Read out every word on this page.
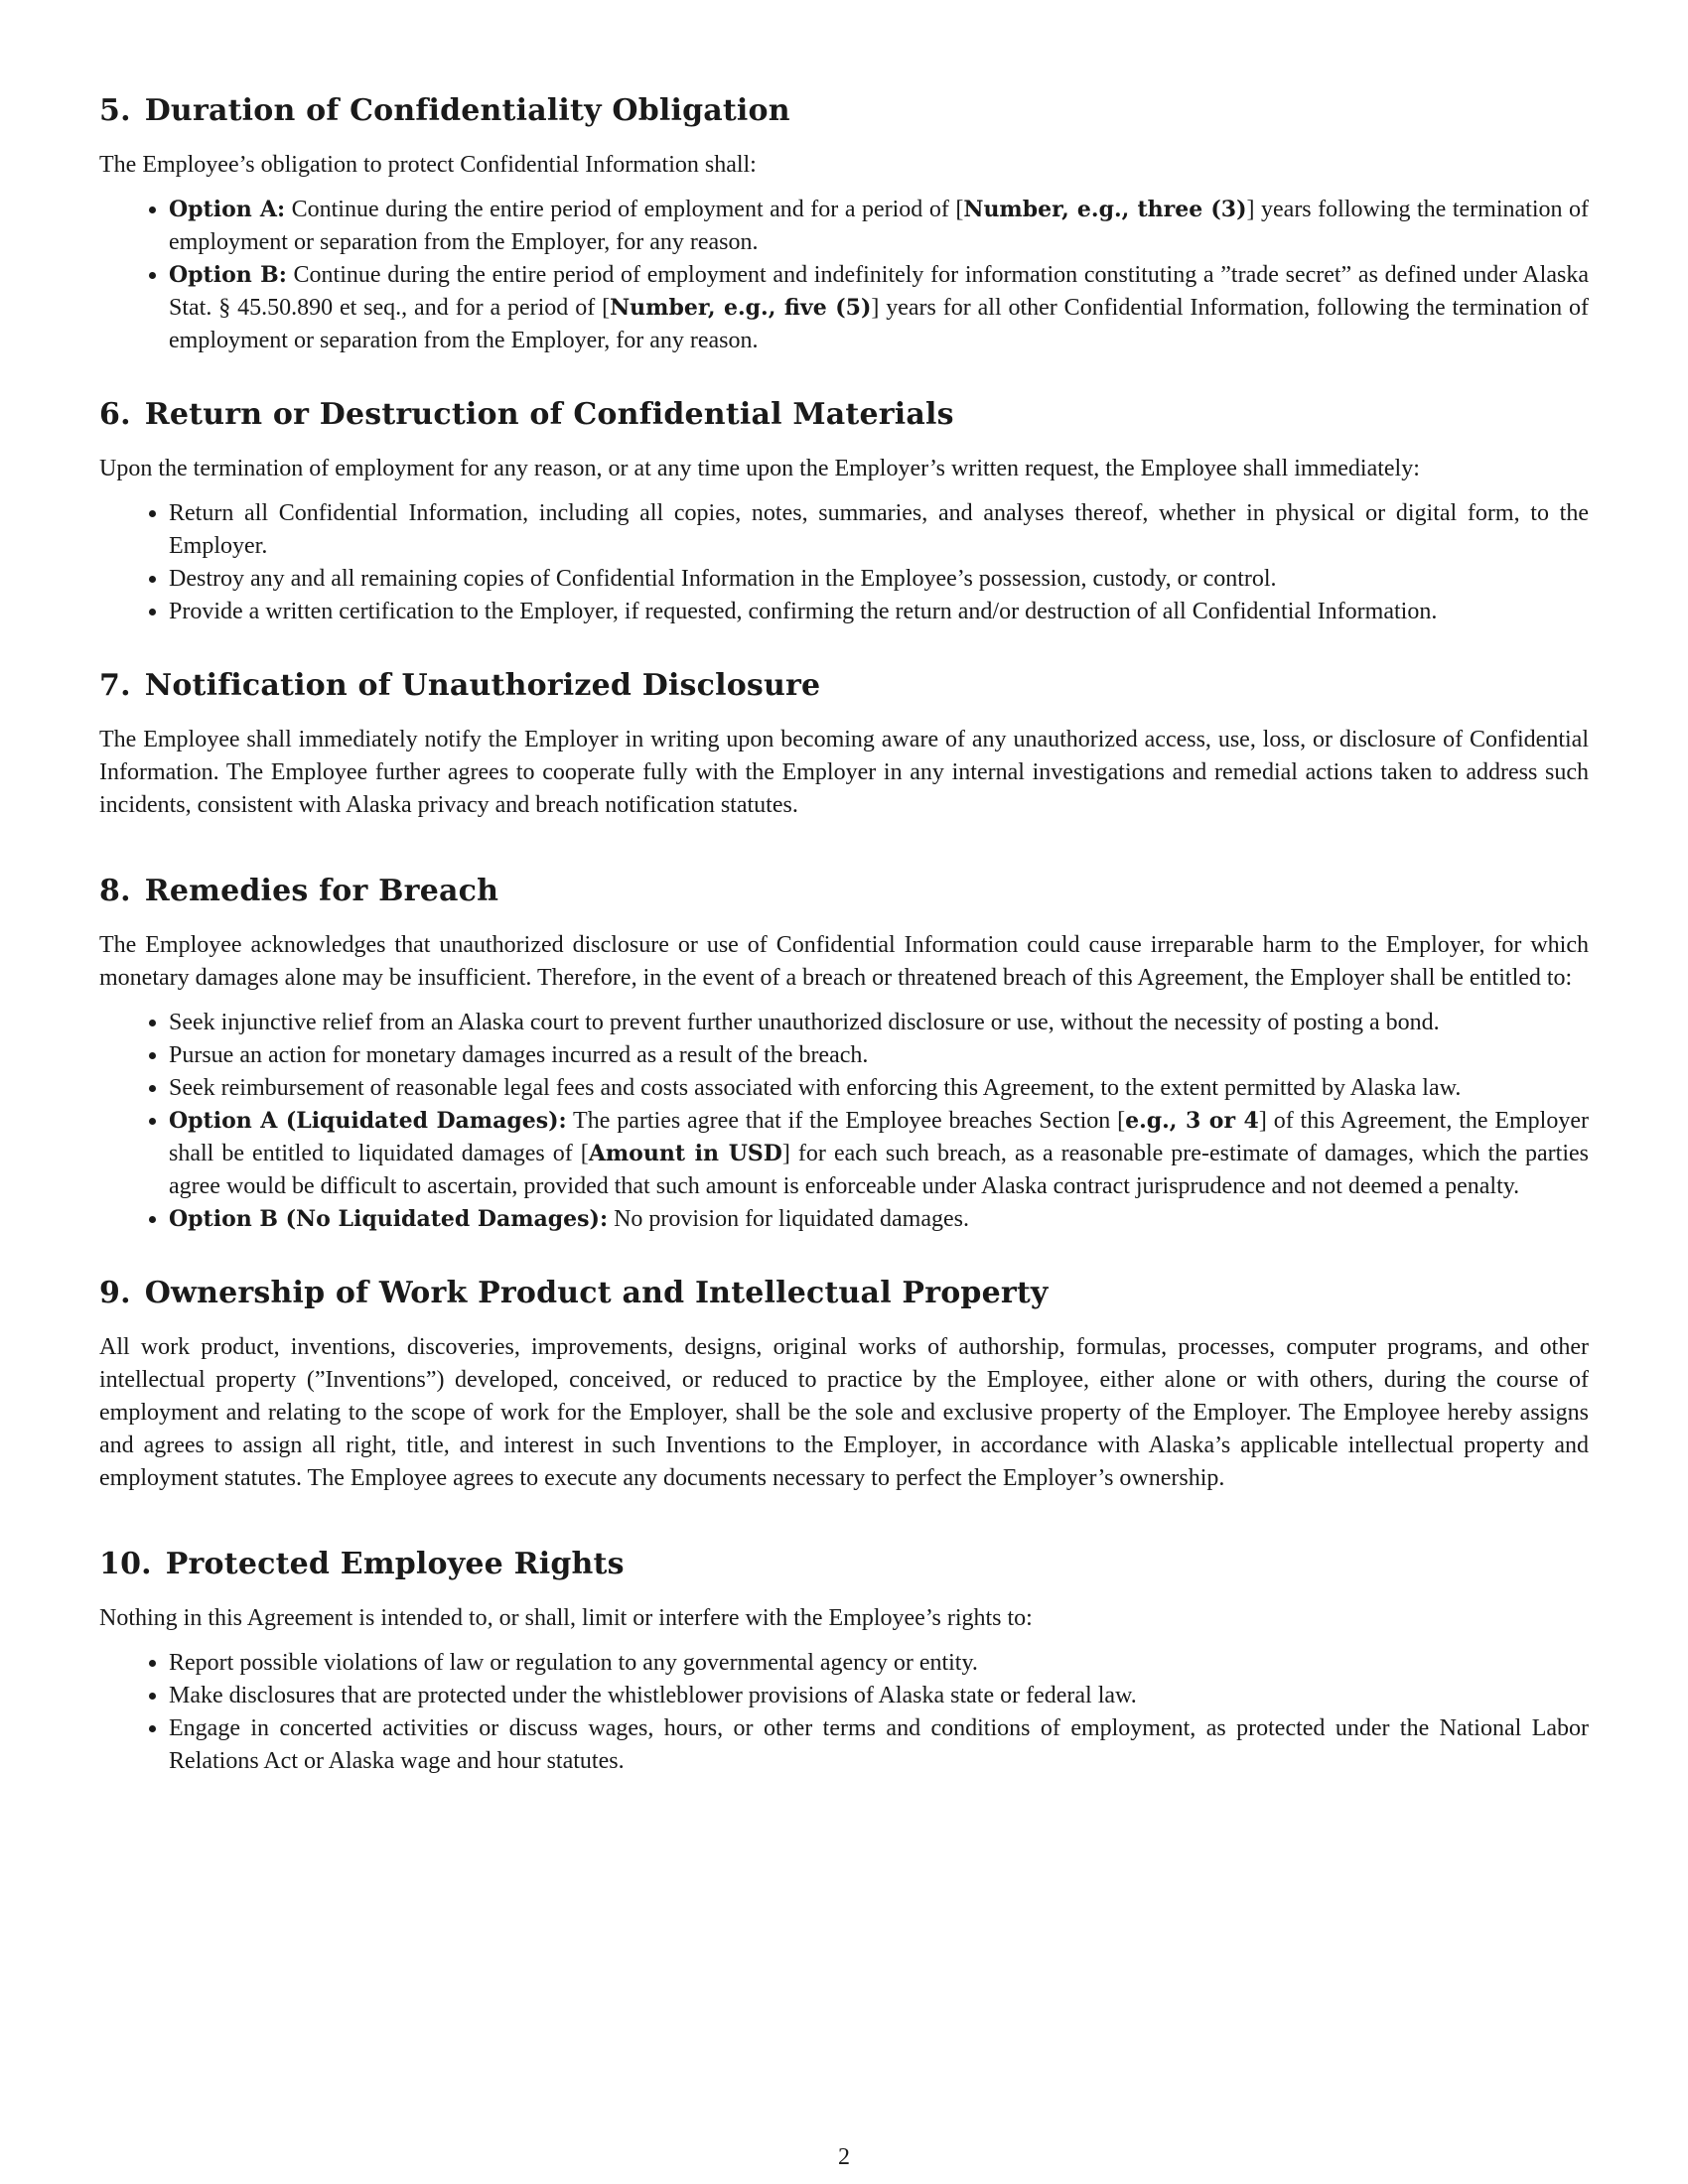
5. Duration of Confidentiality Obligation

The Employee’s obligation to protect Confidential Information shall:

• Option A: Continue during the entire period of employment and for a period of [Number, e.g., three (3)] years following the termination of employment or separation from the Employer, for any reason.
• Option B: Continue during the entire period of employment and indefinitely for information constituting a ”trade secret” as defined under Alaska Stat. § 45.50.890 et seq., and for a period of [Number, e.g., five (5)] years for all other Confidential Information, following the termination of employment or separation from the Employer, for any reason.
6. Return or Destruction of Confidential Materials

Upon the termination of employment for any reason, or at any time upon the Employer’s written request, the Employee shall immediately:

• Return all Confidential Information, including all copies, notes, summaries, and analyses thereof, whether in physical or digital form, to the Employer.
• Destroy any and all remaining copies of Confidential Information in the Employee’s possession, custody, or control.
• Provide a written certification to the Employer, if requested, confirming the return and/or destruction of all Confidential Information.
7. Notification of Unauthorized Disclosure

The Employee shall immediately notify the Employer in writing upon becoming aware of any unauthorized access, use, loss, or disclosure of Confidential Information. The Employee further agrees to cooperate fully with the Employer in any internal investigations and remedial actions taken to address such incidents, consistent with Alaska privacy and breach notification statutes.

8. Remedies for Breach

The Employee acknowledges that unauthorized disclosure or use of Confidential Information could cause irreparable harm to the Employer, for which monetary damages alone may be insufficient. Therefore, in the event of a breach or threatened breach of this Agreement, the Employer shall be entitled to:

• Seek injunctive relief from an Alaska court to prevent further unauthorized disclosure or use, without the necessity of posting a bond.
• Pursue an action for monetary damages incurred as a result of the breach.
• Seek reimbursement of reasonable legal fees and costs associated with enforcing this Agreement, to the extent permitted by Alaska law.
• Option A (Liquidated Damages): The parties agree that if the Employee breaches Section [e.g., 3 or 4] of this Agreement, the Employer shall be entitled to liquidated damages of [Amount in USD] for each such breach, as a reasonable pre-estimate of damages, which the parties agree would be difficult to ascertain, provided that such amount is enforceable under Alaska contract jurisprudence and not deemed a penalty.
• Option B (No Liquidated Damages): No provision for liquidated damages.
9. Ownership of Work Product and Intellectual Property

All work product, inventions, discoveries, improvements, designs, original works of authorship, formulas, processes, computer programs, and other intellectual property (”Inventions”) developed, conceived, or reduced to practice by the Employee, either alone or with others, during the course of employment and relating to the scope of work for the Employer, shall be the sole and exclusive property of the Employer. The Employee hereby assigns and agrees to assign all right, title, and interest in such Inventions to the Employer, in accordance with Alaska’s applicable intellectual property and employment statutes. The Employee agrees to execute any documents necessary to perfect the Employer’s ownership.

10. Protected Employee Rights

Nothing in this Agreement is intended to, or shall, limit or interfere with the Employee’s rights to:

• Report possible violations of law or regulation to any governmental agency or entity.
• Make disclosures that are protected under the whistleblower provisions of Alaska state or federal law.
• Engage in concerted activities or discuss wages, hours, or other terms and conditions of employment, as protected under the National Labor Relations Act or Alaska wage and hour statutes.
2
